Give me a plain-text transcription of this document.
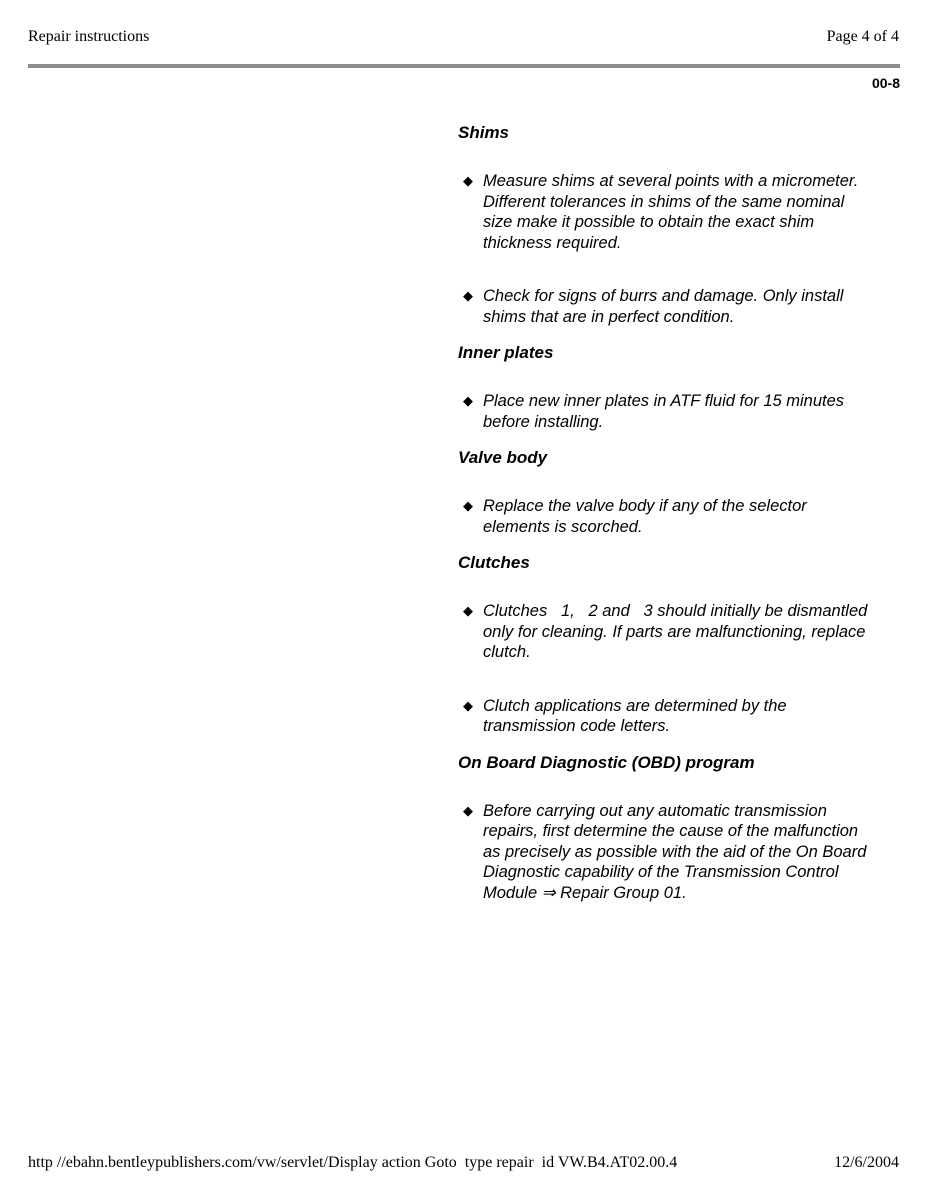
Repair instructions	Page 4 of 4
00-8
Shims
◆ Measure shims at several points with a micrometer. Different tolerances in shims of the same nominal size make it possible to obtain the exact shim thickness required.
◆ Check for signs of burrs and damage. Only install shims that are in perfect condition.
Inner plates
◆ Place new inner plates in ATF fluid for 15 minutes before installing.
Valve body
◆ Replace the valve body if any of the selector elements is scorched.
Clutches
◆ Clutches   1,   2 and   3 should initially be dismantled only for cleaning. If parts are malfunctioning, replace clutch.
◆ Clutch applications are determined by the transmission code letters.
On Board Diagnostic (OBD) program
◆ Before carrying out any automatic transmission repairs, first determine the cause of the malfunction as precisely as possible with the aid of the On Board Diagnostic capability of the Transmission Control Module ⇒ Repair Group 01.
http //ebahn.bentleypublishers.com/vw/servlet/Display action Goto  type repair  id VW.B4.AT02.00.4	12/6/2004
